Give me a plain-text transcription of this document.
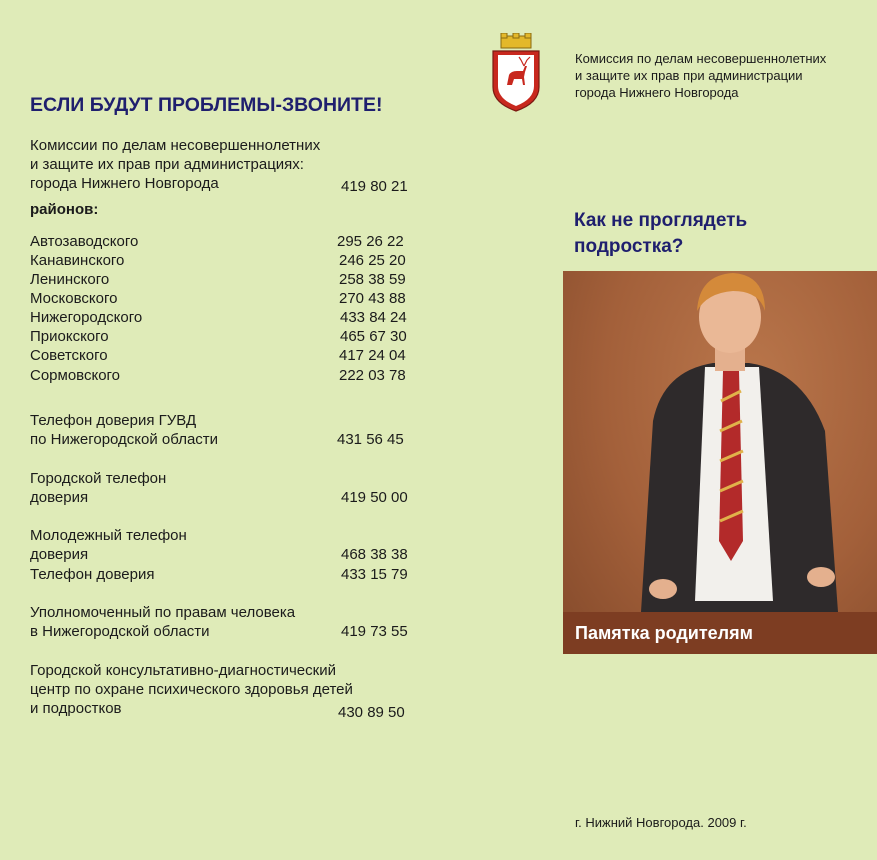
ЕСЛИ БУДУТ ПРОБЛЕМЫ-ЗВОНИТЕ!
Комиссии по делам несовершеннолетних
и защите их прав при администрациях:
города Нижнего Новгорода	419 80 21
районов:
Автозаводского	295 26 22
Канавинского	246 25 20
Ленинского	258 38 59
Московского	270 43 88
Нижегородского	433 84 24
Приокского	465 67 30
Советского	417 24 04
Сормовского	222 03 78
Телефон доверия ГУВД
по Нижегородской области	431 56 45
Городской телефон
доверия	419 50 00
Молодежный телефон
доверия	468 38 38
Телефон доверия	433 15 79
Уполномоченный по правам человека
в Нижегородской области	419 73 55
Городской консультативно-диагностический
центр по охране психического здоровья детей
и подростков	430 89 50
Комиссия по делам несовершеннолетних
и защите их прав при администрации
города Нижнего Новгорода
Как не проглядеть
подростка?
Памятка родителям
г. Нижний Новгорода. 2009 г.
